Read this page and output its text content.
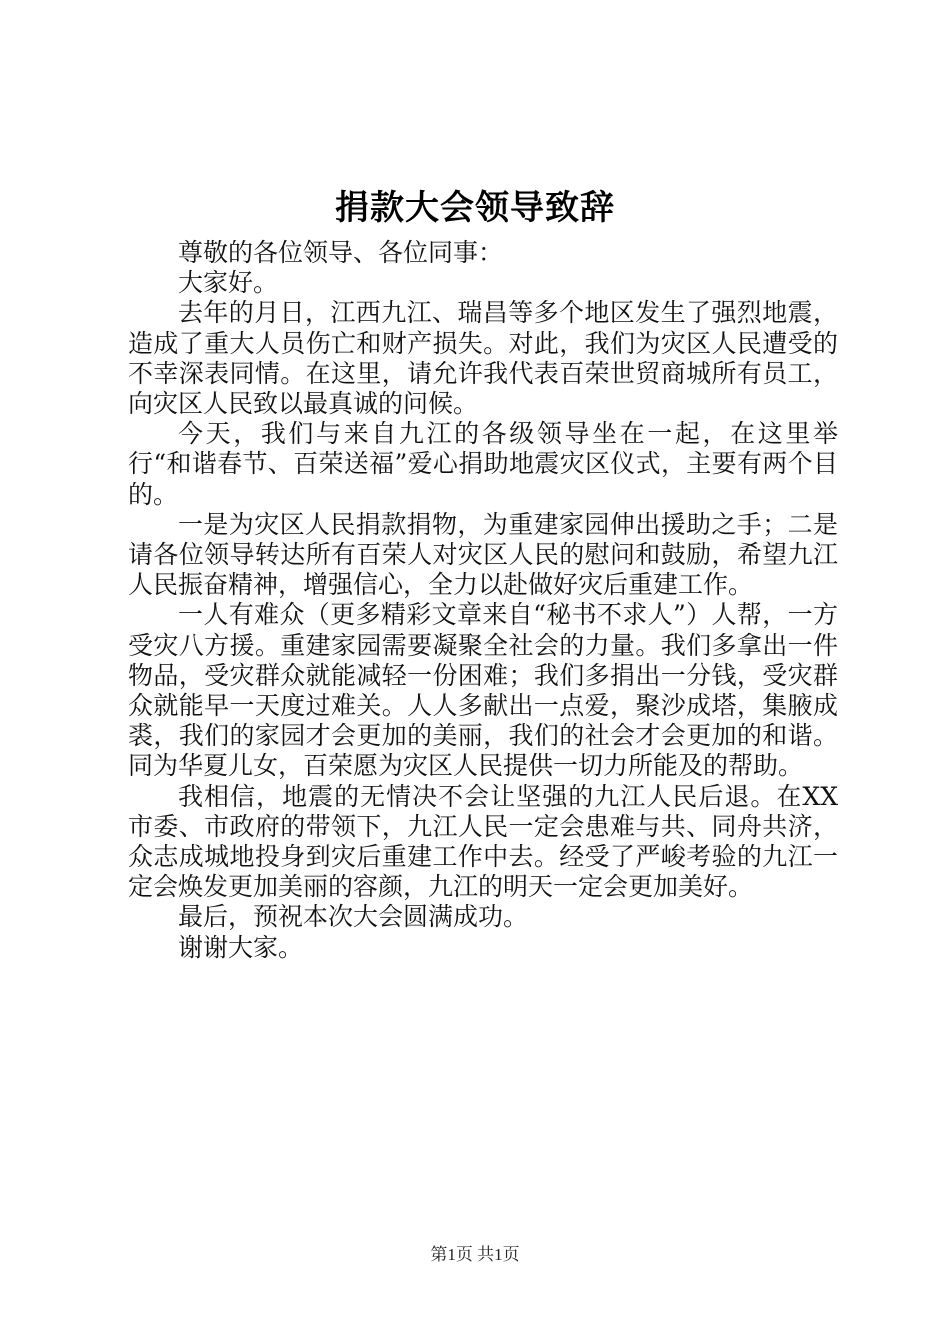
捐款大会领导致辞

尊敬的各位领导、各位同事：

大家好。

去年的月日，江西九江、瑞昌等多个地区发生了强烈地震，造成了重大人员伤亡和财产损失。对此，我们为灾区人民遭受的不幸深表同情。在这里，请允许我代表百荣世贸商城所有员工，向灾区人民致以最真诚的问候。

今天，我们与来自九江的各级领导坐在一起，在这里举行“和谐春节、百荣送福”爱心捐助地震灾区仪式，主要有两个目的。

一是为灾区人民捐款捐物，为重建家园伸出援助之手；二是请各位领导转达所有百荣人对灾区人民的慰问和鼓励，希望九江人民振奋精神，增强信心，全力以赴做好灾后重建工作。

一人有难众（更多精彩文章来自“秘书不求人”）人帮，一方受灾八方援。重建家园需要凝聚全社会的力量。我们多拿出一件物品，受灾群众就能减轻一份困难；我们多捐出一分钱，受灾群众就能早一天度过难关。人人多献出一点爱，聚沙成塔，集腋成裘，我们的家园才会更加的美丽，我们的社会才会更加的和谐。同为华夏儿女，百荣愿为灾区人民提供一切力所能及的帮助。

我相信，地震的无情决不会让坚强的九江人民后退。在XX市委、市政府的带领下，九江人民一定会患难与共、同舟共济，众志成城地投身到灾后重建工作中去。经受了严峻考验的九江一定会焕发更加美丽的容颜，九江的明天一定会更加美好。

最后，预祝本次大会圆满成功。

谢谢大家。

第1页 共1页
